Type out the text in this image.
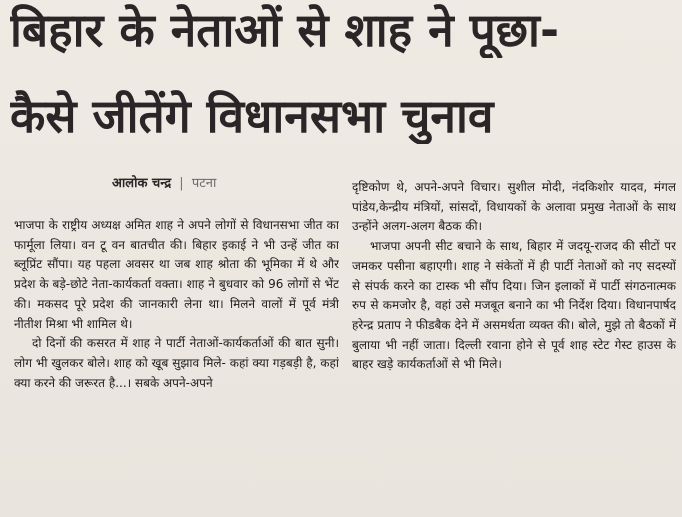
बिहार के नेताओं से शाह ने पूछा-
कैसे जीतेंगे विधानसभा चुनाव
आलोक चन्द्र | पटना

भाजपा के राष्ट्रीय अध्यक्ष अमित शाह ने अपने लोगों से विधानसभा जीत का फार्मूला लिया। वन टू वन बातचीत की। बिहार इकाई ने भी उन्हें जीत का ब्लूप्रिंट सौंपा। यह पहला अवसर था जब शाह श्रोता की भूमिका में थे और प्रदेश के बड़े-छोटे नेता-कार्यकर्ता वक्ता। शाह ने बुधवार को 96 लोगों से भेंट की। मकसद पूरे प्रदेश की जानकारी लेना था। मिलने वालों में पूर्व मंत्री नीतीश मिश्रा भी शामिल थे।

दो दिनों की कसरत में शाह ने पार्टी नेताओं-कार्यकर्ताओं की बात सुनी। लोग भी खुलकर बोले। शाह को खूब सुझाव मिले- कहां क्या गड़बड़ी है, कहां क्या करने की जरूरत है...। सबके अपने-अपने

दृष्टिकोण थे, अपने-अपने विचार। सुशील मोदी, नंदकिशोर यादव, मंगल पांडेय,केन्द्रीय मंत्रियों, सांसदों, विधायकों के अलावा प्रमुख नेताओं के साथ उन्होंने अलग-अलग बैठक की।

भाजपा अपनी सीट बचाने के साथ, बिहार में जदयू-राजद की सीटों पर जमकर पसीना बहाएगी। शाह ने संकेतों में ही पार्टी नेताओं को नए सदस्यों से संपर्क करने का टास्क भी सौंप दिया। जिन इलाकों में पार्टी संगठनात्मक रुप से कमजोर है, वहां उसे मजबूत बनाने का भी निर्देश दिया। विधानपार्षद हरेन्द्र प्रताप ने फीडबैक देने में असमर्थता व्यक्त की। बोले, मुझे तो बैठकों में बुलाया भी नहीं जाता। दिल्ली रवाना होने से पूर्व शाह स्टेट गेस्ट हाउस के बाहर खड़े कार्यकर्ताओं से भी मिले।
